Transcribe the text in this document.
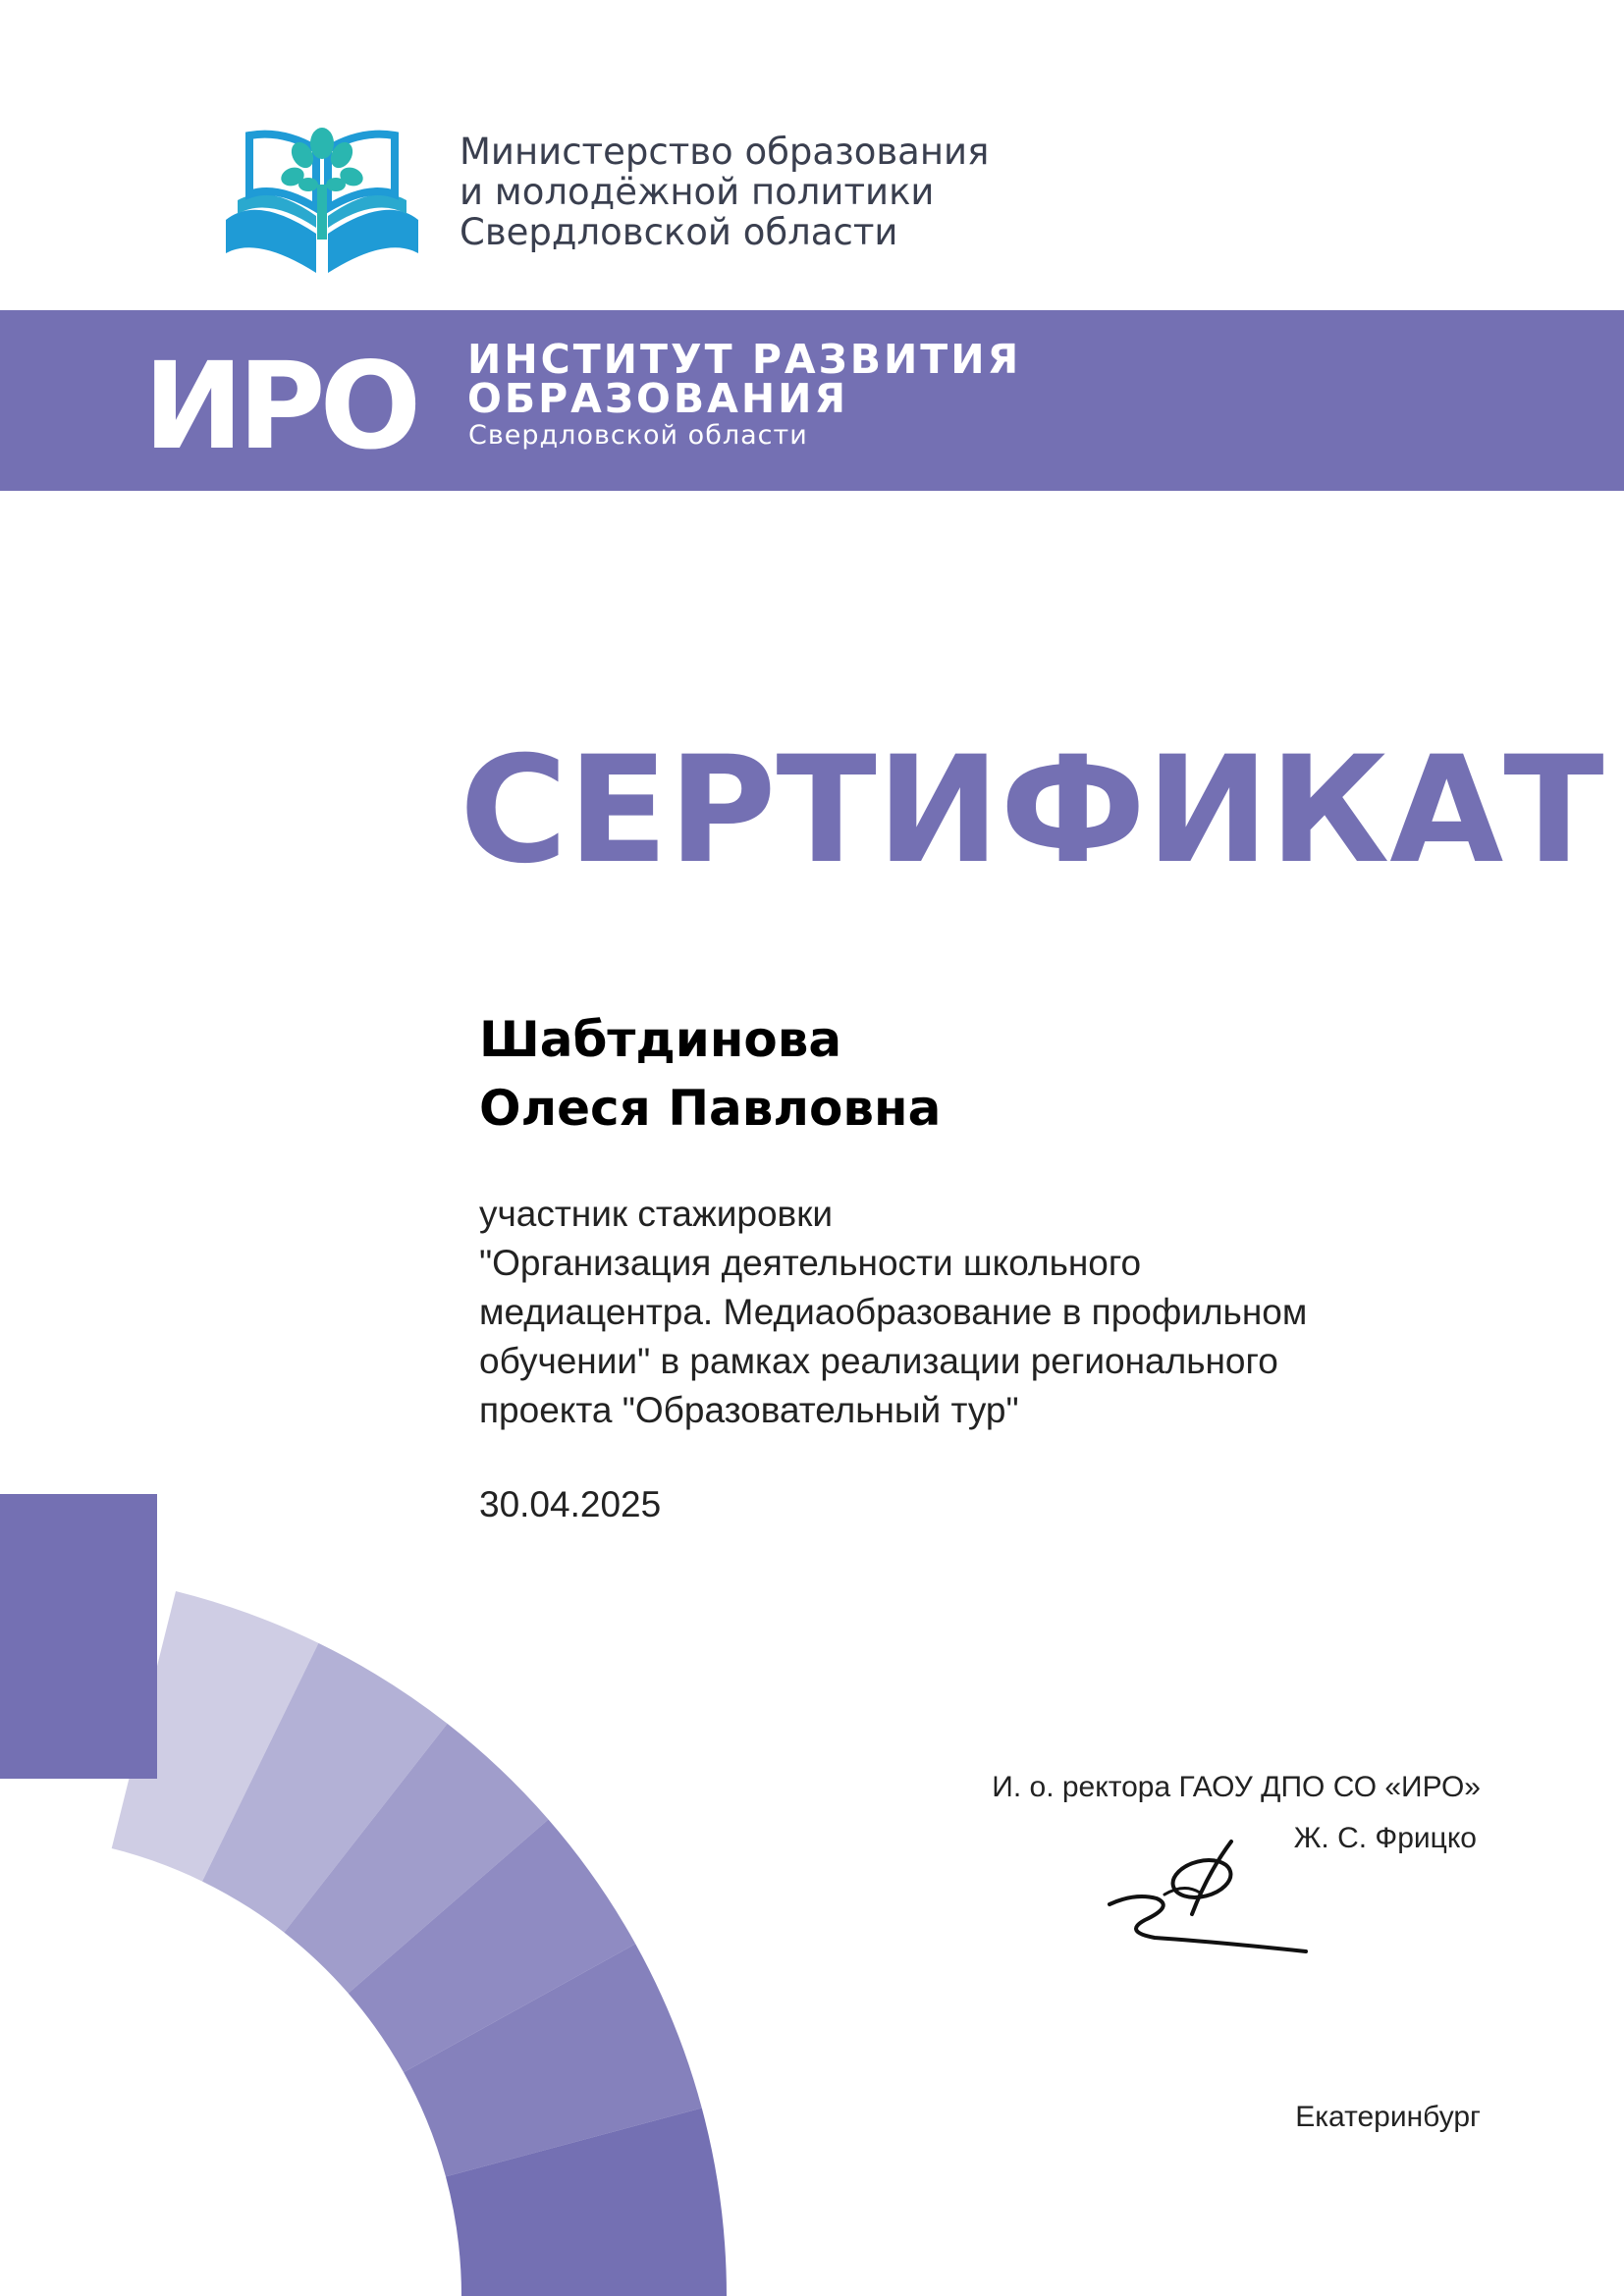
Министерство образования
и молодёжной политики
Свердловской области
ИРО ИНСТИТУТ РАЗВИТИЯ
ОБРАЗОВАНИЯ
Свердловской области
СЕРТИФИКАТ
Шабтдинова
Олеся Павловна
участник стажировки
"Организация деятельности школьного
медиацентра. Медиаобразование в профильном
обучении" в рамках реализации регионального
проекта "Образовательный тур"
30.04.2025
И. о. ректора ГАОУ ДПО СО «ИРО»
Ж. С. Фрицко
Екатеринбург
